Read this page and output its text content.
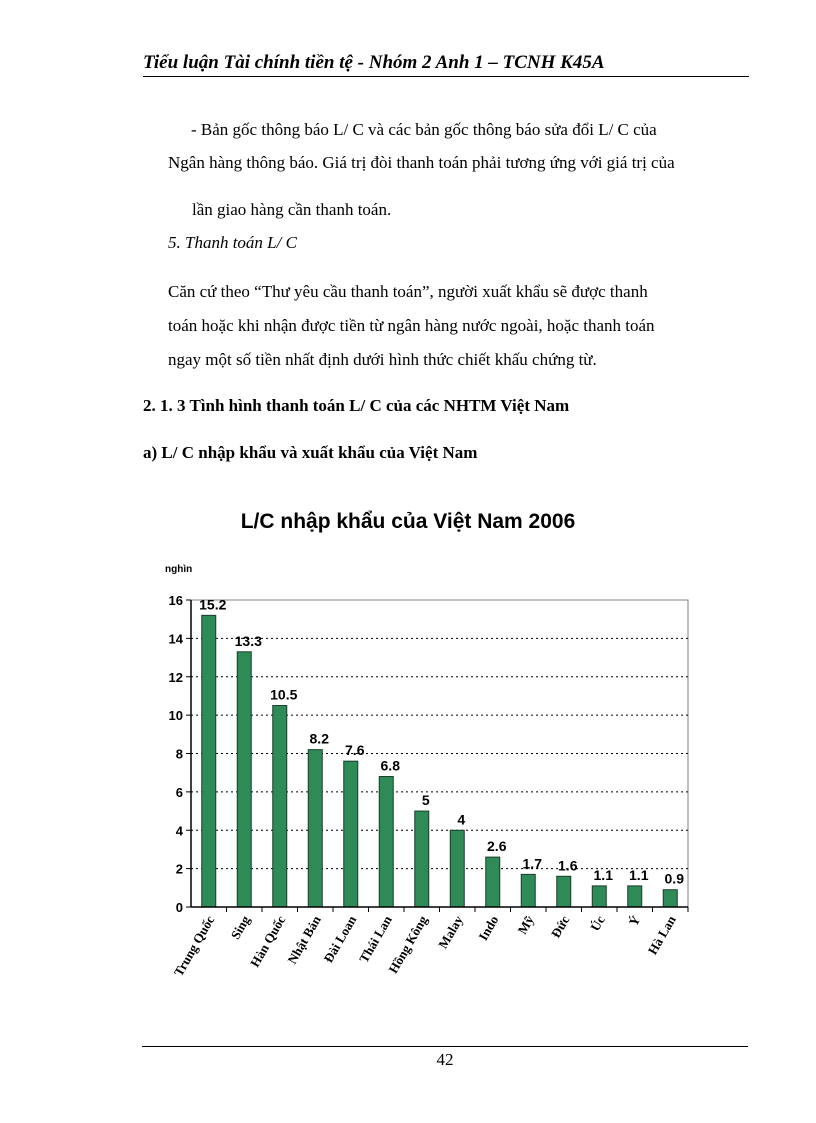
Tiểu luận Tài chính tiền tệ - Nhóm 2 Anh 1 – TCNH K45A
- Bản gốc thông báo L/ C và các bản gốc thông báo sửa đổi L/ C của
Ngân hàng thông báo. Giá trị đòi thanh toán phải tương ứng với giá trị của
lần giao hàng cần thanh toán.
5. Thanh toán L/ C
Căn cứ theo “Thư yêu cầu thanh toán”, người xuất khẩu sẽ được thanh
toán hoặc khi nhận được tiền từ ngân hàng nước ngoài, hoặc thanh toán
ngay một số tiền nhất định dưới hình thức chiết khấu chứng từ.
2. 1. 3 Tình hình thanh toán L/ C của các NHTM Việt Nam
a) L/ C nhập khẩu và xuất khẩu của Việt Nam
L/C nhập khẩu của Việt Nam 2006
0
2
4
6
8
10
12
14
16
nghìn
15.2
Trung Quốc
13.3
Sing
10.5
Hàn Quốc
8.2
Nhật Bản
7.6
Đài Loan
6.8
Thái Lan
5
Hồng Kông
4
Malay
2.6
Indo
1.7
Mỹ
1.6
Đức
1.1
Úc
1.1
Ý
0.9
Hà Lan
42
